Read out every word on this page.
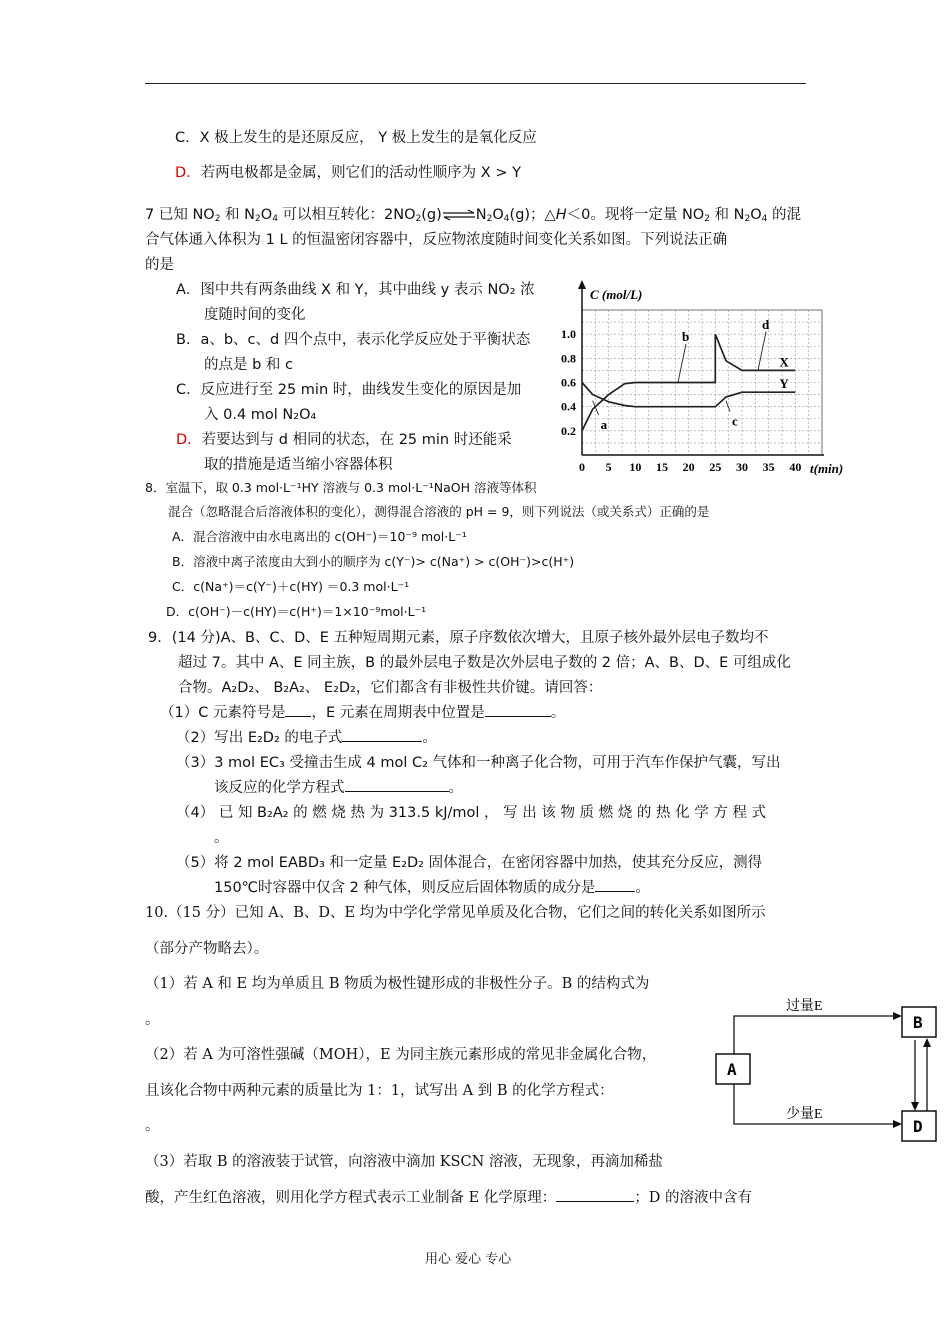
C．X 极上发生的是还原反应， Y 极上发生的是氧化反应
D．若两电极都是金属，则它们的活动性顺序为 X > Y
7 已知 $NO_2$ 和 $N_2O_4$ 可以相互转化：$2NO_2(g)\rightleftharpoons N_2O_4(g)$；△H＜0。现将一定量 $NO_2$ 和 $N_2O_4$ 的混
合气体通入体积为 1 L 的恒温密闭容器中，反应物浓度随时间变化关系如图。下列说法正确
的是
A．图中共有两条曲线 X 和 Y，其中曲线 y 表示 NO₂ 浓
度随时间的变化
B．a、b、c、d 四个点中，表示化学反应处于平衡状态
的点是 b 和 c
C．反应进行至 25 min 时，曲线发生变化的原因是加
入 0.4 mol N₂O₄
D．若要达到与 d 相同的状态，在 25 min 时还能采
取的措施是适当缩小容器体积	0 5 10 15 20 25 30 35 40
0.2
0.4
0.6
0.8
1.0
X
Y
a
b
c
d
C (mol/L)
t(min)
8．室温下，取 0.3 mol·L⁻¹HY 溶液与 0.3 mol·L⁻¹NaOH 溶液等体积
混合（忽略混合后溶液体积的变化），测得混合溶液的 pH = 9，则下列说法（或关系式）正确的是
A．混合溶液中由水电离出的 c(OH⁻)＝10⁻⁹ mol·L⁻¹
B．溶液中离子浓度由大到小的顺序为 c(Y⁻)> c(Na⁺) > c(OH⁻)>c(H⁺)
C．c(Na⁺)＝c(Y⁻)＋c(HY) ＝0.3 mol·L⁻¹
D．c(OH⁻)－c(HY)＝c(H⁺)＝1×10⁻⁹mol·L⁻¹
9．(14 分)A、B、C、D、E 五种短周期元素，原子序数依次增大，且原子核外最外层电子数均不
超过 7。其中 A、E 同主族，B 的最外层电子数是次外层电子数的 2 倍；A、B、D、E 可组成化
合物。A₂D₂、 B₂A₂、 E₂D₂，它们都含有非极性共价键。请回答：
（1）C 元素符号是 ，E 元素在周期表中位置是	。
（2）写出 E₂D₂ 的电子式	。
（3）3 mol EC₃ 受撞击生成 4 mol C₂ 气体和一种离子化合物，可用于汽车作保护气囊，写出
该反应的化学方程式	。
（4） 已 知 B₂A₂ 的 燃 烧 热 为 313.5 kJ/mol ， 写 出 该 物 质 燃 烧 的 热 化 学 方 程 式
。
（5）将 2 mol EABD₃ 和一定量 E₂D₂ 固体混合，在密闭容器中加热，使其充分反应，测得
150℃时容器中仅含 2 种气体，则反应后固体物质的成分是	。
10.（15 分）已知 A、B、D、E 均为中学化学常见单质及化合物，它们之间的转化关系如图所示
（部分产物略去）。
（1）若 A 和 E 均为单质且 B 物质为极性键形成的非极性分子。B 的结构式为
。
（2）若 A 为可溶性强碱（MOH），E 为同主族元素形成的常见非金属化合物，
且该化合物中两种元素的质量比为 1：1，试写出 A 到 B 的化学方程式：
。
（3）若取 B 的溶液装于试管，向溶液中滴加 KSCN 溶液，无现象，再滴加稀盐
酸，产生红色溶液，则用化学方程式表示工业制备 E 化学原理：	；D 的溶液中含有
A
B
D
过量E
少量E
用心 爱心 专心
